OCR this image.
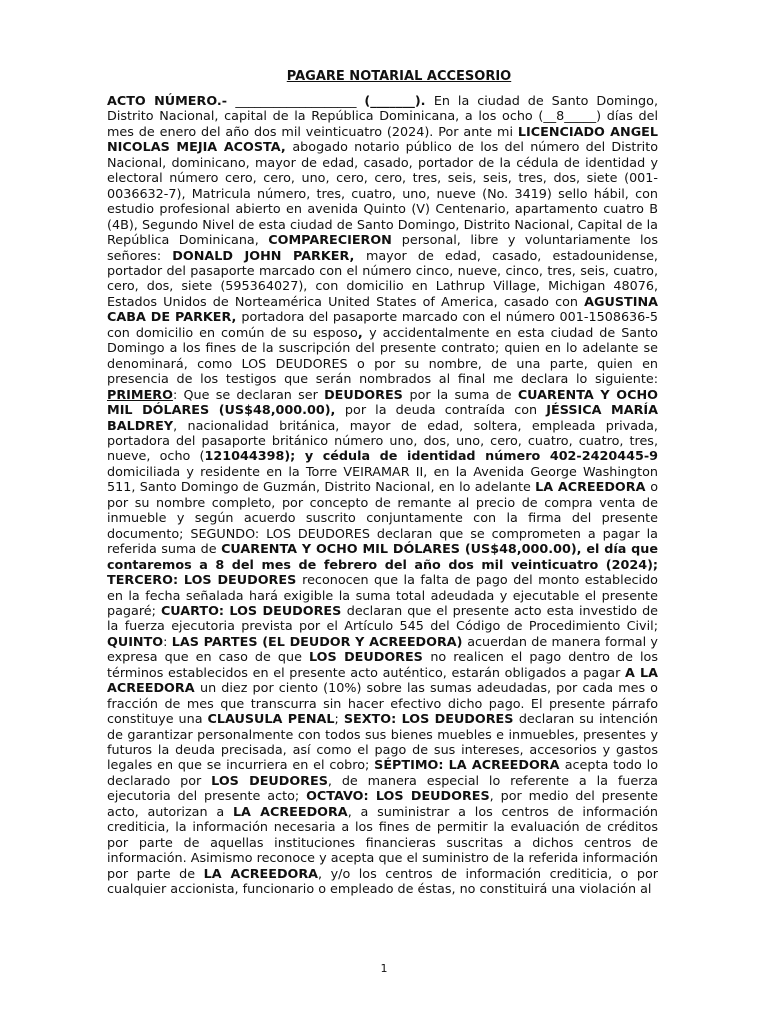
PAGARE NOTARIAL ACCESORIO
ACTO NÚMERO.- ___________________ (_______). En la ciudad de Santo Domingo, Distrito Nacional, capital de la República Dominicana, a los ocho (__8_____) días del mes de enero del año dos mil veinticuatro (2024). Por ante mi LICENCIADO ANGEL NICOLAS MEJIA ACOSTA, abogado notario público de los del número del Distrito Nacional, dominicano, mayor de edad, casado, portador de la cédula de identidad y electoral número cero, cero, uno, cero, cero, tres, seis, seis, tres, dos, siete (001-0036632-7), Matricula número, tres, cuatro, uno, nueve (No. 3419) sello hábil, con estudio profesional abierto en avenida Quinto (V) Centenario, apartamento cuatro B (4B), Segundo Nivel de esta ciudad de Santo Domingo, Distrito Nacional, Capital de la República Dominicana, COMPARECIERON personal, libre y voluntariamente los señores: DONALD JOHN PARKER, mayor de edad, casado, estadounidense, portador del pasaporte marcado con el número cinco, nueve, cinco, tres, seis, cuatro, cero, dos, siete (595364027), con domicilio en Lathrup Village, Michigan 48076, Estados Unidos de Norteamérica United States of America, casado con AGUSTINA CABA DE PARKER, portadora del pasaporte marcado con el número 001-1508636-5 con domicilio en común de su esposo, y accidentalmente en esta ciudad de Santo Domingo a los fines de la suscripción del presente contrato; quien en lo adelante se denominará, como LOS DEUDORES o por su nombre, de una parte, quien en presencia de los testigos que serán nombrados al final me declara lo siguiente: PRIMERO: Que se declaran ser DEUDORES por la suma de CUARENTA Y OCHO MIL DÓLARES (US$48,000.00), por la deuda contraída con JÉSSICA MARÍA BALDREY, nacionalidad británica, mayor de edad, soltera, empleada privada, portadora del pasaporte británico número uno, dos, uno, cero, cuatro, cuatro, tres, nueve, ocho (121044398); y cédula de identidad número 402-2420445-9 domiciliada y residente en la Torre VEIRAMAR II, en la Avenida George Washington 511, Santo Domingo de Guzmán, Distrito Nacional, en lo adelante LA ACREEDORA o por su nombre completo, por concepto de remante al precio de compra venta de inmueble y según acuerdo suscrito conjuntamente con la firma del presente documento; SEGUNDO: LOS DEUDORES declaran que se comprometen a pagar la referida suma de CUARENTA Y OCHO MIL DÓLARES (US$48,000.00), el día que contaremos a 8 del mes de febrero del año dos mil veinticuatro (2024); TERCERO: LOS DEUDORES reconocen que la falta de pago del monto establecido en la fecha señalada hará exigible la suma total adeudada y ejecutable el presente pagaré; CUARTO: LOS DEUDORES declaran que el presente acto esta investido de la fuerza ejecutoria prevista por el Artículo 545 del Código de Procedimiento Civil; QUINTO: LAS PARTES (EL DEUDOR Y ACREEDORA) acuerdan de manera formal y expresa que en caso de que LOS DEUDORES no realicen el pago dentro de los términos establecidos en el presente acto auténtico, estarán obligados a pagar A LA ACREEDORA un diez por ciento (10%) sobre las sumas adeudadas, por cada mes o fracción de mes que transcurra sin hacer efectivo dicho pago. El presente párrafo constituye una CLAUSULA PENAL; SEXTO: LOS DEUDORES declaran su intención de garantizar personalmente con todos sus bienes muebles e inmuebles, presentes y futuros la deuda precisada, así como el pago de sus intereses, accesorios y gastos legales en que se incurriera en el cobro; SÉPTIMO: LA ACREEDORA acepta todo lo declarado por LOS DEUDORES, de manera especial lo referente a la fuerza ejecutoria del presente acto; OCTAVO: LOS DEUDORES, por medio del presente acto, autorizan a LA ACREEDORA, a suministrar a los centros de información crediticia, la información necesaria a los fines de permitir la evaluación de créditos por parte de aquellas instituciones financieras suscritas a dichos centros de información. Asimismo reconoce y acepta que el suministro de la referida información por parte de LA ACREEDORA, y/o los centros de información crediticia, o por cualquier accionista, funcionario o empleado de éstas, no constituirá una violación al
1
